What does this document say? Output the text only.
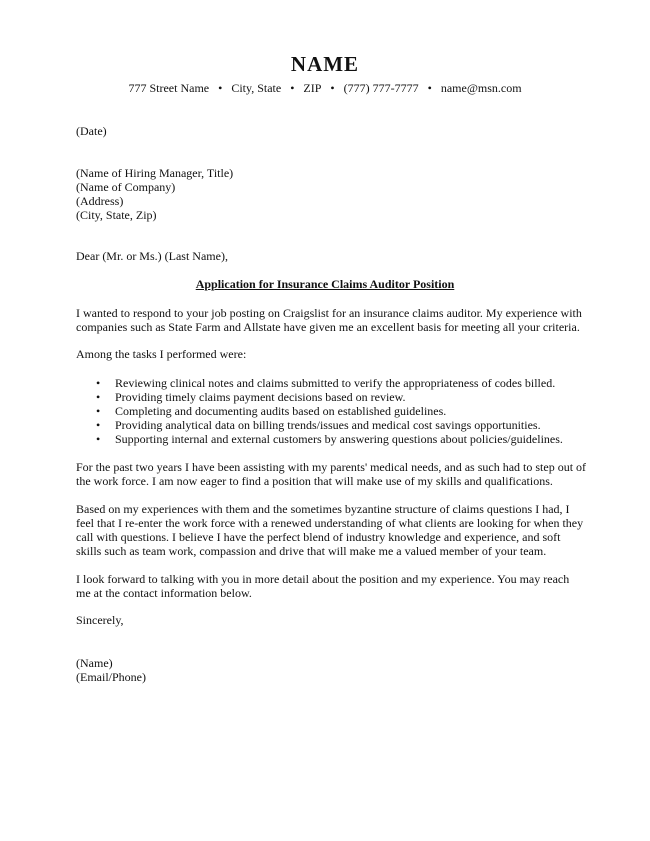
NAME
777 Street Name • City, State • ZIP • (777) 777-7777 • name@msn.com
(Date)
(Name of Hiring Manager, Title)
(Name of Company)
(Address)
(City, State, Zip)
Dear (Mr. or Ms.) (Last Name),
Application for Insurance Claims Auditor Position
I wanted to respond to your job posting on Craigslist for an insurance claims auditor. My experience with
companies such as State Farm and Allstate have given me an excellent basis for meeting all your criteria.
Among the tasks I performed were:
• Reviewing clinical notes and claims submitted to verify the appropriateness of codes billed.
• Providing timely claims payment decisions based on review.
• Completing and documenting audits based on established guidelines.
• Providing analytical data on billing trends/issues and medical cost savings opportunities.
• Supporting internal and external customers by answering questions about policies/guidelines.
For the past two years I have been assisting with my parents' medical needs, and as such had to step out of
the work force. I am now eager to find a position that will make use of my skills and qualifications.
Based on my experiences with them and the sometimes byzantine structure of claims questions I had, I
feel that I re-enter the work force with a renewed understanding of what clients are looking for when they
call with questions. I believe I have the perfect blend of industry knowledge and experience, and soft
skills such as team work, compassion and drive that will make me a valued member of your team.
I look forward to talking with you in more detail about the position and my experience. You may reach
me at the contact information below.
Sincerely,
(Name)
(Email/Phone)
